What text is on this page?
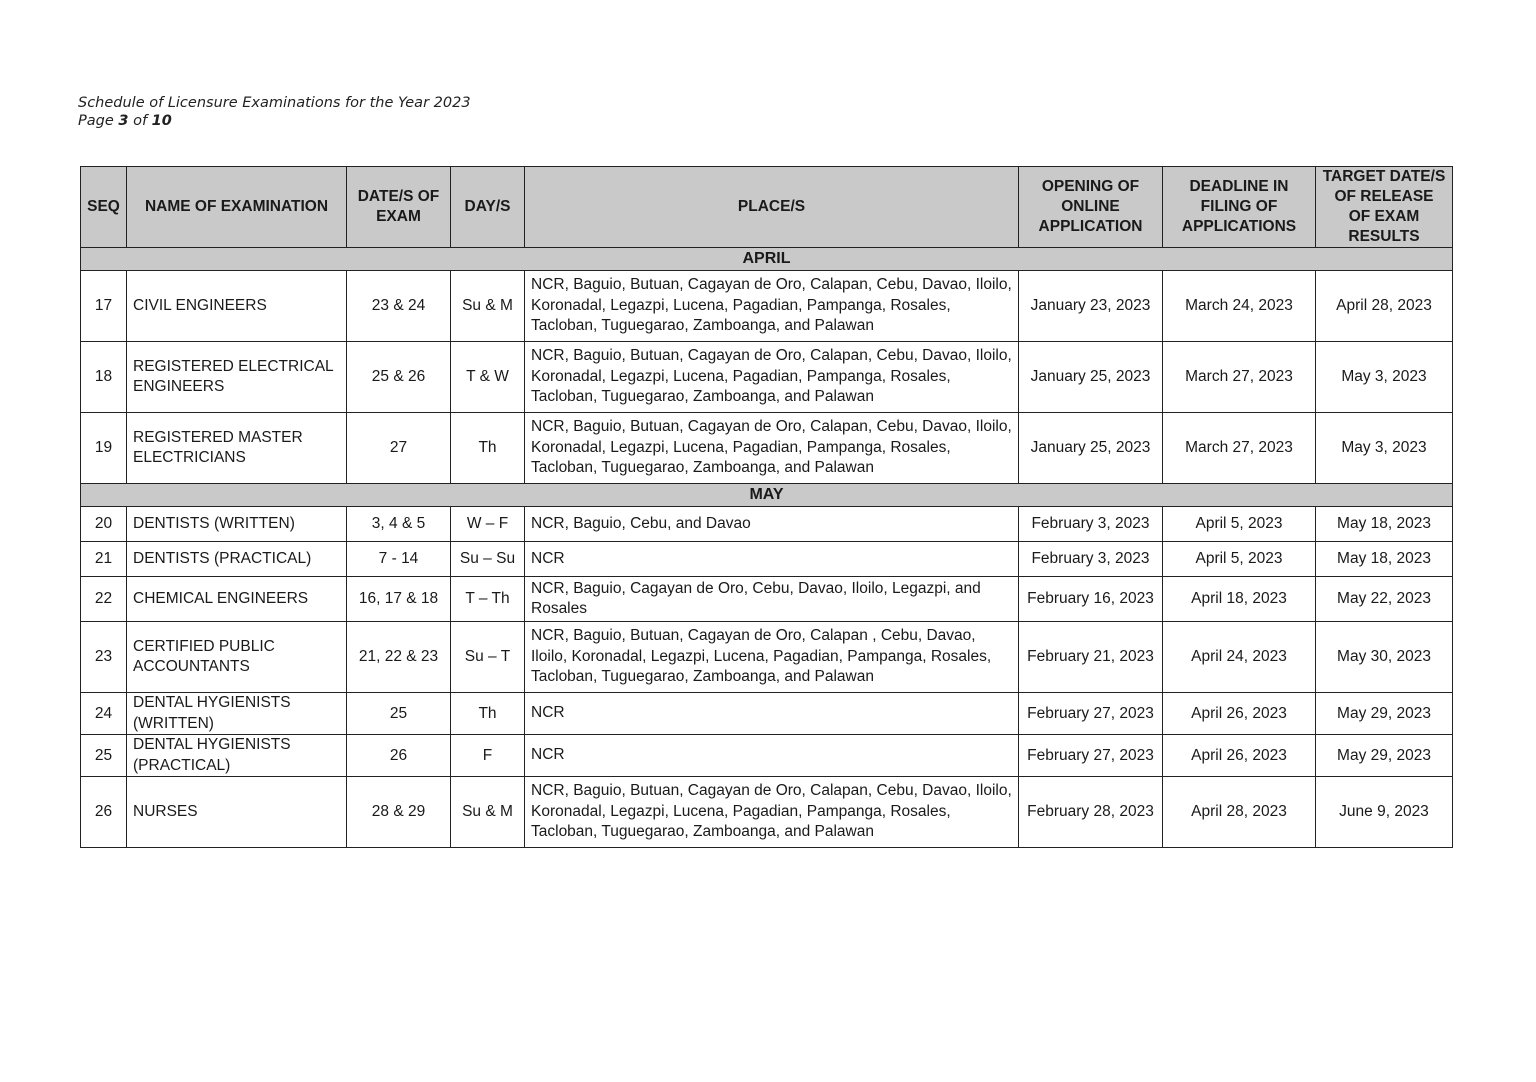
Schedule of Licensure Examinations for the Year 2023
Page 3 of 10
SEQ	NAME OF EXAMINATION	DATE/S OF EXAM	DAY/S	PLACE/S	OPENING OF ONLINE APPLICATION	DEADLINE IN FILING OF APPLICATIONS	TARGET DATE/S OF RELEASE OF EXAM RESULTS
APRIL							
17	CIVIL ENGINEERS	23 & 24	Su & M	NCR, Baguio, Butuan, Cagayan de Oro, Calapan, Cebu, Davao, Iloilo, Koronadal, Legazpi, Lucena, Pagadian, Pampanga, Rosales, Tacloban, Tuguegarao, Zamboanga, and Palawan	January 23, 2023	March 24, 2023	April 28, 2023
18	REGISTERED ELECTRICAL ENGINEERS	25 & 26	T & W	NCR, Baguio, Butuan, Cagayan de Oro, Calapan, Cebu, Davao, Iloilo, Koronadal, Legazpi, Lucena, Pagadian, Pampanga, Rosales, Tacloban, Tuguegarao, Zamboanga, and Palawan	January 25, 2023	March 27, 2023	May 3, 2023
19	REGISTERED MASTER ELECTRICIANS	27	Th	NCR, Baguio, Butuan, Cagayan de Oro, Calapan, Cebu, Davao, Iloilo, Koronadal, Legazpi, Lucena, Pagadian, Pampanga, Rosales, Tacloban, Tuguegarao, Zamboanga, and Palawan	January 25, 2023	March 27, 2023	May 3, 2023
MAY							
20	DENTISTS (WRITTEN)	3, 4 & 5	W – F	NCR, Baguio, Cebu, and Davao	February 3, 2023	April 5, 2023	May 18, 2023
21	DENTISTS (PRACTICAL)	7 - 14	Su – Su	NCR	February 3, 2023	April 5, 2023	May 18, 2023
22	CHEMICAL ENGINEERS	16, 17 & 18	T – Th	NCR, Baguio, Cagayan de Oro, Cebu, Davao, Iloilo, Legazpi, and Rosales	February 16, 2023	April 18, 2023	May 22, 2023
23	CERTIFIED PUBLIC ACCOUNTANTS	21, 22 & 23	Su – T	NCR, Baguio, Butuan, Cagayan de Oro, Calapan , Cebu, Davao, Iloilo, Koronadal, Legazpi, Lucena, Pagadian, Pampanga, Rosales, Tacloban, Tuguegarao, Zamboanga, and Palawan	February 21, 2023	April 24, 2023	May 30, 2023
24	DENTAL HYGIENISTS (WRITTEN)	25	Th	NCR	February 27, 2023	April 26, 2023	May 29, 2023
25	DENTAL HYGIENISTS (PRACTICAL)	26	F	NCR	February 27, 2023	April 26, 2023	May 29, 2023
26	NURSES	28 & 29	Su & M	NCR, Baguio, Butuan, Cagayan de Oro, Calapan, Cebu, Davao, Iloilo, Koronadal, Legazpi, Lucena, Pagadian, Pampanga, Rosales, Tacloban, Tuguegarao, Zamboanga, and Palawan	February 28, 2023	April 28, 2023	June 9, 2023
